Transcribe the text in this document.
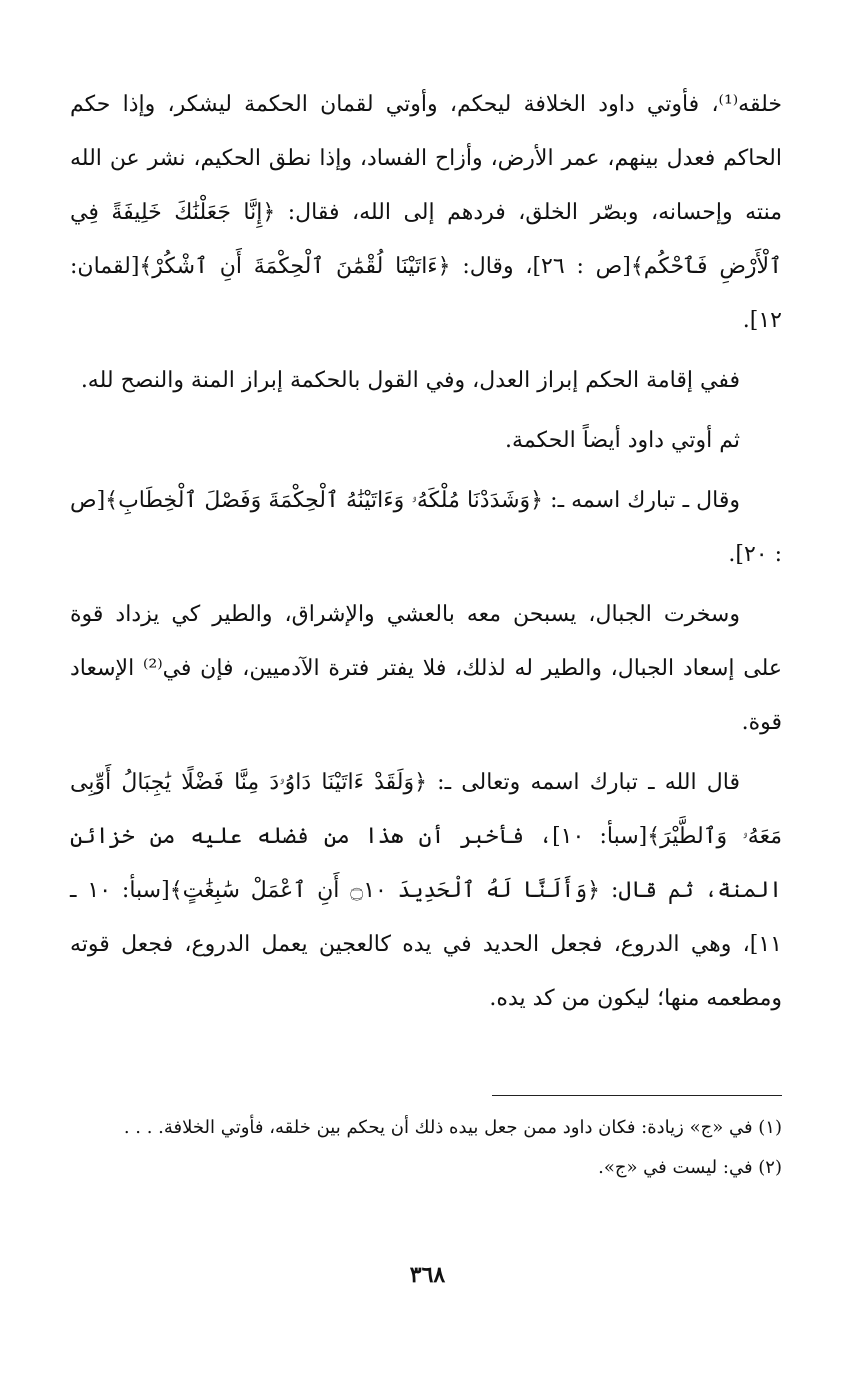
خلقه⁽¹⁾، فأوتي داود الخلافة ليحكم، وأوتي لقمان الحكمة ليشكر، وإذا حكم الحاكم فعدل بينهم، عمر الأرض، وأزاح الفساد، وإذا نطق الحكيم، نشر عن الله منته وإحسانه، وبصّر الخلق، فردهم إلى الله، فقال: ﴿إِنَّا جَعَلْنَٰكَ خَلِيفَةً فِي ٱلْأَرْضِ فَٱحْكُم﴾[ص : ٢٦]، وقال: ﴿ءَاتَيْنَا لُقْمَٰنَ ٱلْحِكْمَةَ أَنِ ٱشْكُرْ﴾[لقمان: ١٢].

ففي إقامة الحكم إبراز العدل، وفي القول بالحكمة إبراز المنة والنصح لله.

ثم أوتي داود أيضاً الحكمة.

وقال ـ تبارك اسمه ـ: ﴿وَشَدَدْنَا مُلْكَهُۥ وَءَاتَيْنَٰهُ ٱلْحِكْمَةَ وَفَصْلَ ٱلْخِطَابِ﴾[ص : ٢٠].

وسخرت الجبال، يسبحن معه بالعشي والإشراق، والطير كي يزداد قوة على إسعاد الجبال، والطير له لذلك، فلا يفتر فترة الآدميين، فإن في⁽²⁾ الإسعاد قوة.

قال الله ـ تبارك اسمه وتعالى ـ: ﴿وَلَقَدْ ءَاتَيْنَا دَاوُۥدَ مِنَّا فَضْلًا يَٰجِبَالُ أَوِّبِى مَعَهُۥ وَٱلطَّيْرَ﴾[سبأ: ١٠]، فأخبر أن هذا من فضله عليه من خزائن المنة، ثم قال: ﴿وَأَلَنَّا لَهُ ٱلْحَدِيدَ ۝١٠ أَنِ ٱعْمَلْ سَٰبِغَٰتٍ﴾[سبأ: ١٠ ـ ١١]، وهي الدروع، فجعل الحديد في يده كالعجين يعمل الدروع، فجعل قوته ومطعمه منها؛ ليكون من كد يده.

(١) في «ج» زيادة: فكان داود ممن جعل بيده ذلك أن يحكم بين خلقه، فأوتي الخلافة. . . .

(٢) في: ليست في «ج».

٣٦٨
